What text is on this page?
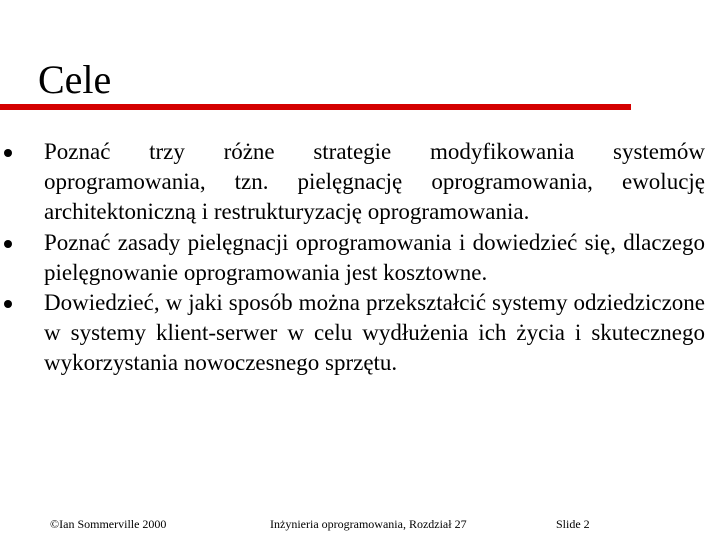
Cele
Poznać trzy różne strategie modyfikowania systemów oprogramowania, tzn. pielęgnację oprogramowania, ewolucję architektoniczną i restrukturyzację oprogramowania.
Poznać zasady pielęgnacji oprogramowania i dowiedzieć się, dlaczego pielęgnowanie oprogramowania jest kosztowne.
Dowiedzieć, w jaki sposób można przekształcić systemy odziedziczone w systemy klient-serwer w celu wydłużenia ich życia i skutecznego wykorzystania nowoczesnego sprzętu.
©Ian Sommerville 2000	Inżynieria oprogramowania, Rozdział 27	Slide 2
